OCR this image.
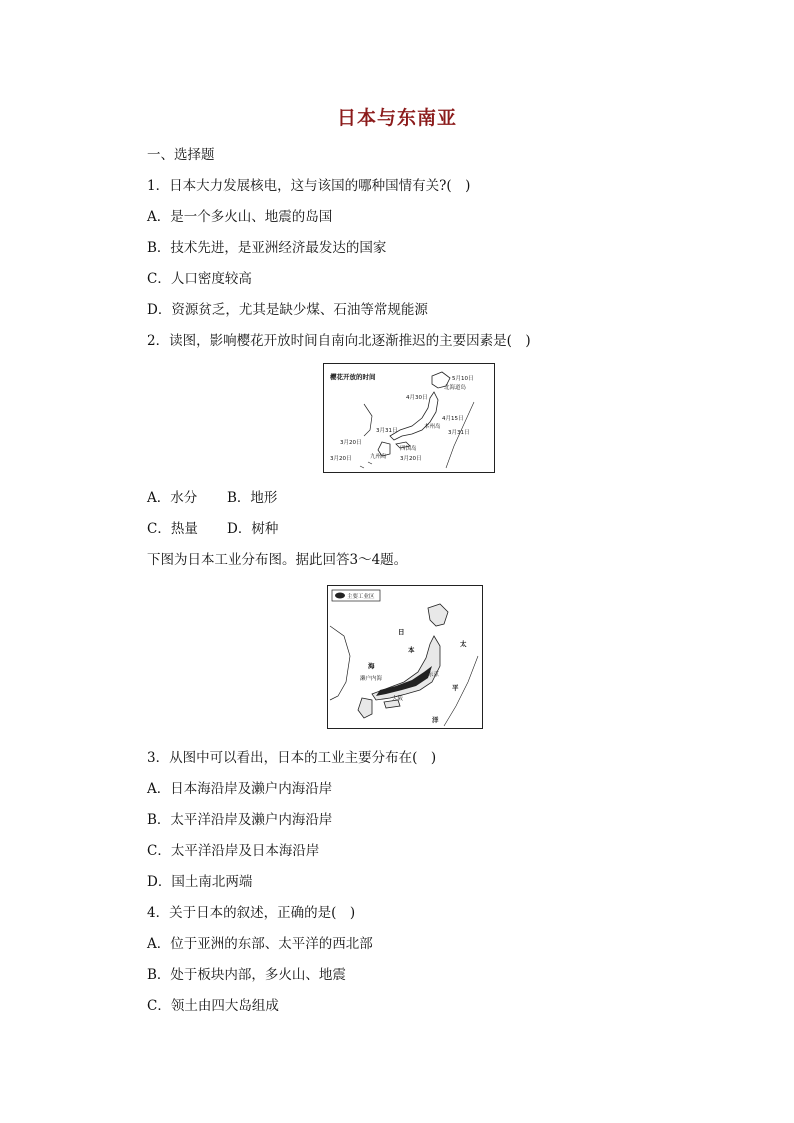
日本与东南亚
一、选择题
1．日本大力发展核电，这与该国的哪种国情有关?(　)
A．是一个多火山、地震的岛国
B．技术先进，是亚洲经济最发达的国家
C．人口密度较高
D．资源贫乏，尤其是缺少煤、石油等常规能源
2．读图，影响樱花开放时间自南向北逐渐推迟的主要因素是(　)
樱花开放的时间	5月10日
北海道岛
4月30日
4月15日
本州岛
3月31日
3月31日
四国岛
3月20日
九州岛
3月20日	3月20日
A．水分 B．地形
C．热量 D．树种
下图为日本工业分布图。据此回答3～4题。
主要工业区
日
本
海
濑户内海
太
平
洋
东京
大阪
3．从图中可以看出，日本的工业主要分布在(　)
A．日本海沿岸及濑户内海沿岸
B．太平洋沿岸及濑户内海沿岸
C．太平洋沿岸及日本海沿岸
D．国土南北两端
4．关于日本的叙述，正确的是(　)
A．位于亚洲的东部、太平洋的西北部
B．处于板块内部，多火山、地震
C．领土由四大岛组成
